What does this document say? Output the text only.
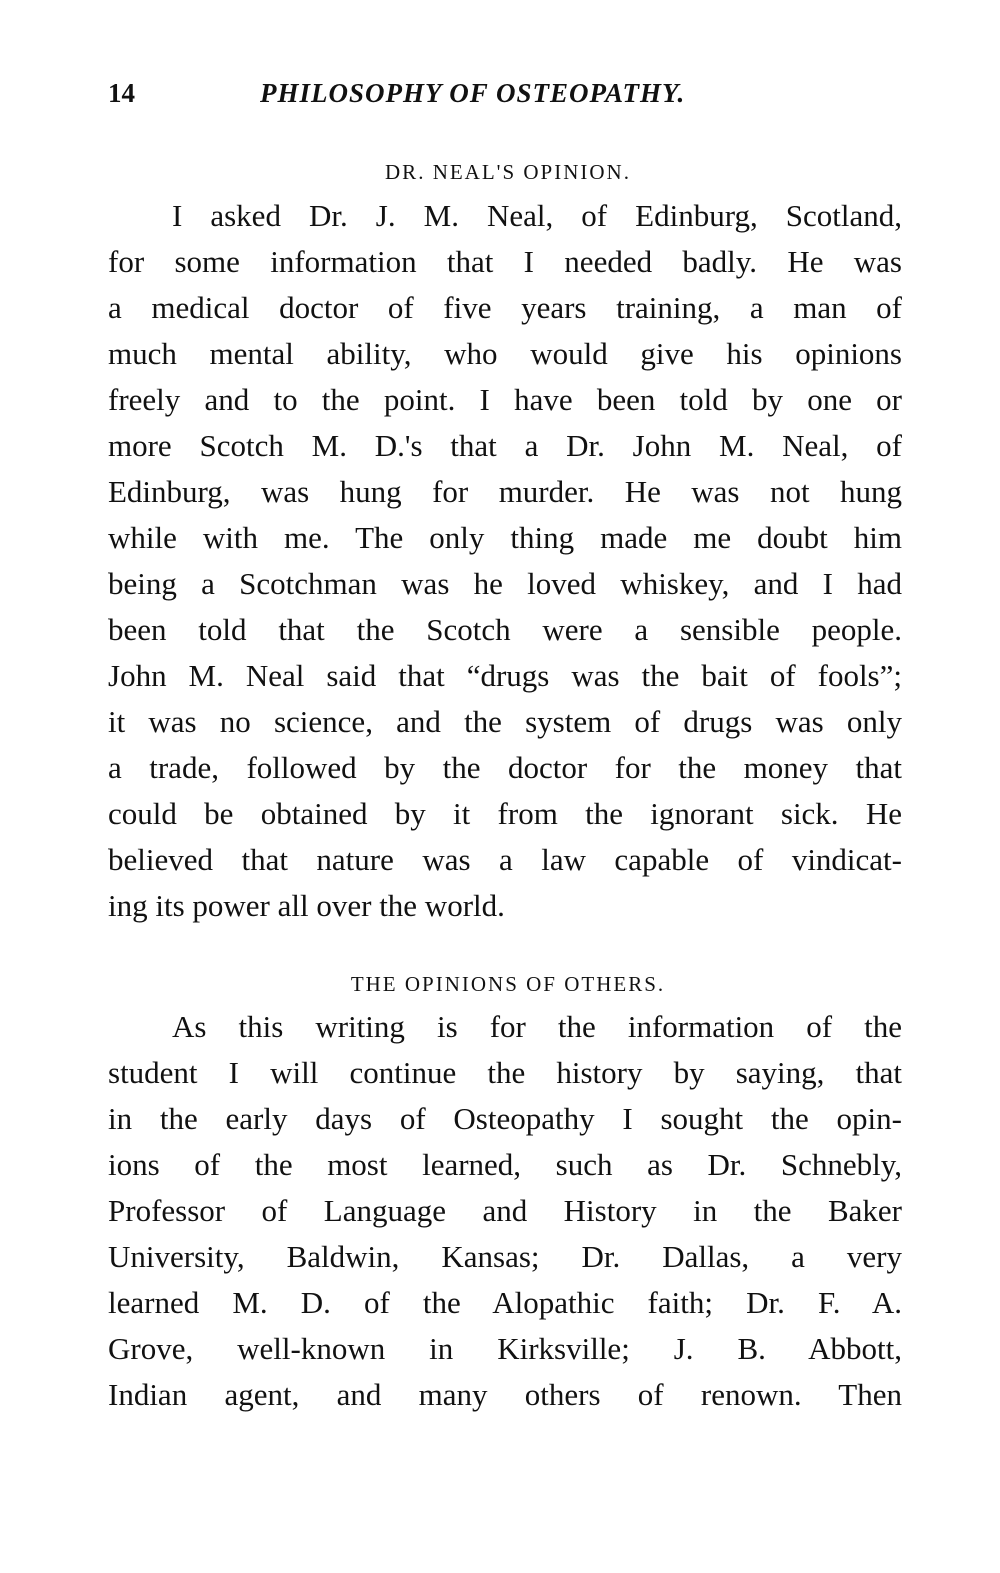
14	PHILOSOPHY OF OSTEOPATHY.
DR. NEAL'S OPINION.
I asked Dr. J. M. Neal, of Edinburg, Scotland,
for some information that I needed badly. He was
a medical doctor of five years training, a man of
much mental ability, who would give his opinions
freely and to the point. I have been told by one or
more Scotch M. D.'s that a Dr. John M. Neal, of
Edinburg, was hung for murder. He was not hung
while with me. The only thing made me doubt him
being a Scotchman was he loved whiskey, and I had
been told that the Scotch were a sensible people.
John M. Neal said that “drugs was the bait of fools”;
it was no science, and the system of drugs was only
a trade, followed by the doctor for the money that
could be obtained by it from the ignorant sick. He
believed that nature was a law capable of vindicat-
ing its power all over the world.
THE OPINIONS OF OTHERS.
As this writing is for the information of the
student I will continue the history by saying, that
in the early days of Osteopathy I sought the opin-
ions of the most learned, such as Dr. Schnebly,
Professor of Language and History in the Baker
University, Baldwin, Kansas; Dr. Dallas, a very
learned M. D. of the Alopathic faith; Dr. F. A.
Grove, well-known in Kirksville; J. B. Abbott,
Indian agent, and many others of renown. Then
